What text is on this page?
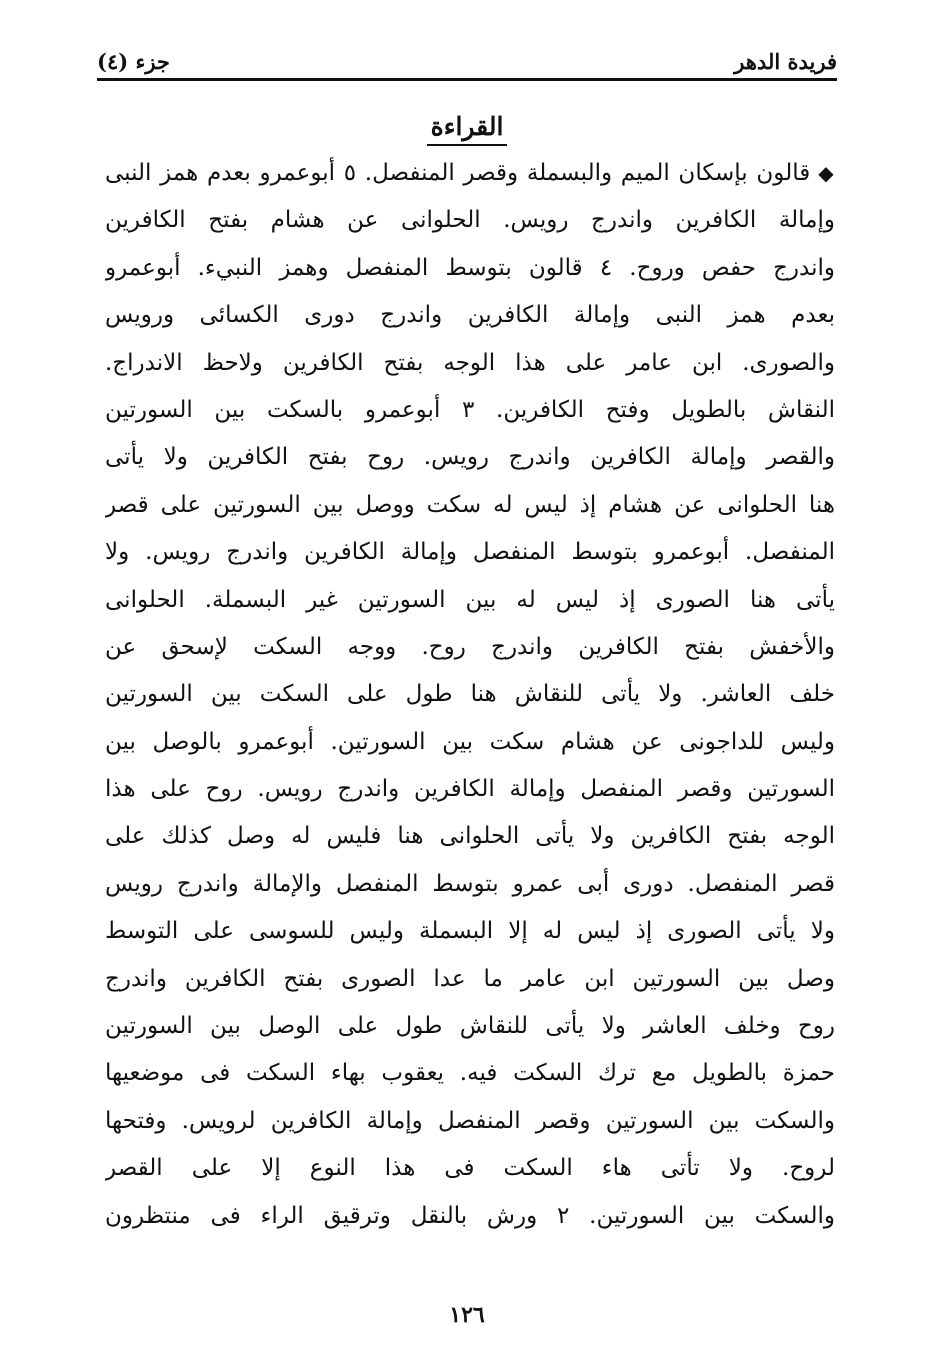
فريدة الدهر
جزء (٤)
القراءة
◆قالون بإسكان الميم والبسملة وقصر المنفصل. ٥ أبوعمرو بعدم همز النبى
وإمالة الكافرين واندرج رويس. الحلوانى عن هشام بفتح الكافرين
واندرج حفص وروح. ٤ قالون بتوسط المنفصل وهمز النبيء. أبوعمرو
بعدم همز النبى وإمالة الكافرين واندرج دورى الكسائى ورويس
والصورى. ابن عامر على هذا الوجه بفتح الكافرين ولاحظ الاندراج.
النقاش بالطويل وفتح الكافرين. ٣ أبوعمرو بالسكت بين السورتين
والقصر وإمالة الكافرين واندرج رويس. روح بفتح الكافرين ولا يأتى
هنا الحلوانى عن هشام إذ ليس له سكت ووصل بين السورتين على قصر
المنفصل. أبوعمرو بتوسط المنفصل وإمالة الكافرين واندرج رويس. ولا
يأتى هنا الصورى إذ ليس له بين السورتين غير البسملة. الحلوانى
والأخفش بفتح الكافرين واندرج روح. ووجه السكت لإسحق عن
خلف العاشر. ولا يأتى للنقاش هنا طول على السكت بين السورتين
وليس للداجونى عن هشام سكت بين السورتين. أبوعمرو بالوصل بين
السورتين وقصر المنفصل وإمالة الكافرين واندرج رويس. روح على هذا
الوجه بفتح الكافرين ولا يأتى الحلوانى هنا فليس له وصل كذلك على
قصر المنفصل. دورى أبى عمرو بتوسط المنفصل والإمالة واندرج رويس
ولا يأتى الصورى إذ ليس له إلا البسملة وليس للسوسى على التوسط
وصل بين السورتين ابن عامر ما عدا الصورى بفتح الكافرين واندرج
روح وخلف العاشر ولا يأتى للنقاش طول على الوصل بين السورتين
حمزة بالطويل مع ترك السكت فيه. يعقوب بهاء السكت فى موضعيها
والسكت بين السورتين وقصر المنفصل وإمالة الكافرين لرويس. وفتحها
لروح. ولا تأتى هاء السكت فى هذا النوع إلا على القصر
والسكت بين السورتين. ٢ ورش بالنقل وترقيق الراء فى منتظرون
١٢٦
